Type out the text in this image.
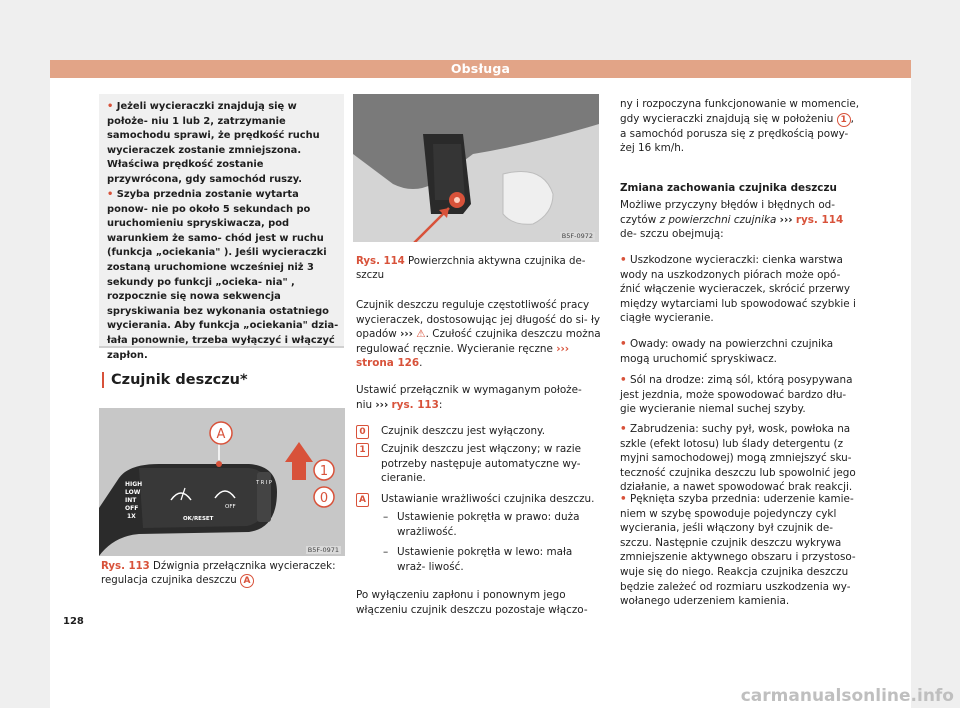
Obsługa
• Jeżeli wycieraczki znajdują się w położe- niu 1 lub 2, zatrzymanie samochodu sprawi, że prędkość ruchu wycieraczek zostanie zmniejszona. Właściwa prędkość zostanie przywrócona, gdy samochód ruszy.
• Szyba przednia zostanie wytarta ponow- nie po około 5 sekundach po uruchomieniu spryskiwacza, pod warunkiem że samo- chód jest w ruchu (funkcja „ociekania" ). Jeśli wycieraczki zostaną uruchomione wcześniej niż 3 sekundy po funkcji „ocieka- nia" , rozpocznie się nowa sekwencja spryskiwania bez wykonania ostatniego wycierania. Aby funkcja „ociekania" dzia- łała ponownie, trzeba wyłączyć i włączyć zapłon.
Czujnik deszczu*
A
HIGH
LOW
INT
OFF
1X
OFF
OK/RESET
T R I P
1
0
B5F-0971
Rys. 113 Dźwignia przełącznika wycieraczek: regulacja czujnika deszczu A
B5F-0972
Rys. 114 Powierzchnia aktywna czujnika de- szczu
Czujnik deszczu reguluje częstotliwość pracy wycieraczek, dostosowując jej długość do si- ły opadów ››› ⚠. Czułość czujnika deszczu można regulować ręcznie. Wycieranie ręczne ››› strona 126.
Ustawić przełącznik w wymaganym położe- niu ››› rys. 113:
0 Czujnik deszczu jest wyłączony.
1 Czujnik deszczu jest włączony; w razie potrzeby następuje automatyczne wy- cieranie.
A Ustawianie wrażliwości czujnika deszczu.
– Ustawienie pokrętła w prawo: duża wrażliwość.
– Ustawienie pokrętła w lewo: mała wraż- liwość.
Po wyłączeniu zapłonu i ponownym jego włączeniu czujnik deszczu pozostaje włączo-
ny i rozpoczyna funkcjonowanie w momencie, gdy wycieraczki znajdują się w położeniu 1 , a samochód porusza się z prędkością powy- żej 16 km/h.
Zmiana zachowania czujnika deszczu
Możliwe przyczyny błędów i błędnych od- czytów z powierzchni czujnika ››› rys. 114 de- szczu obejmują:
• Uszkodzone wycieraczki: cienka warstwa wody na uszkodzonych piórach może opó- źnić włączenie wycieraczek, skrócić przerwy między wytarciami lub spowodować szybkie i ciągłe wycieranie.
• Owady: owady na powierzchni czujnika mogą uruchomić spryskiwacz.
• Sól na drodze: zimą sól, którą posypywana jest jezdnia, może spowodować bardzo dłu- gie wycieranie niemal suchej szyby.
• Zabrudzenia: suchy pył, wosk, powłoka na szkle (efekt lotosu) lub ślady detergentu (z myjni samochodowej) mogą zmniejszyć sku- teczność czujnika deszczu lub spowolnić jego działanie, a nawet spowodować brak reakcji.
• Pęknięta szyba przednia: uderzenie kamie- niem w szybę spowoduje pojedynczy cykl wycierania, jeśli włączony był czujnik de- szczu. Następnie czujnik deszczu wykrywa zmniejszenie aktywnego obszaru i przystoso- wuje się do niego. Reakcja czujnika deszczu będzie zależeć od rozmiaru uszkodzenia wy- wołanego uderzeniem kamienia.
128
carmanualsonline.info
